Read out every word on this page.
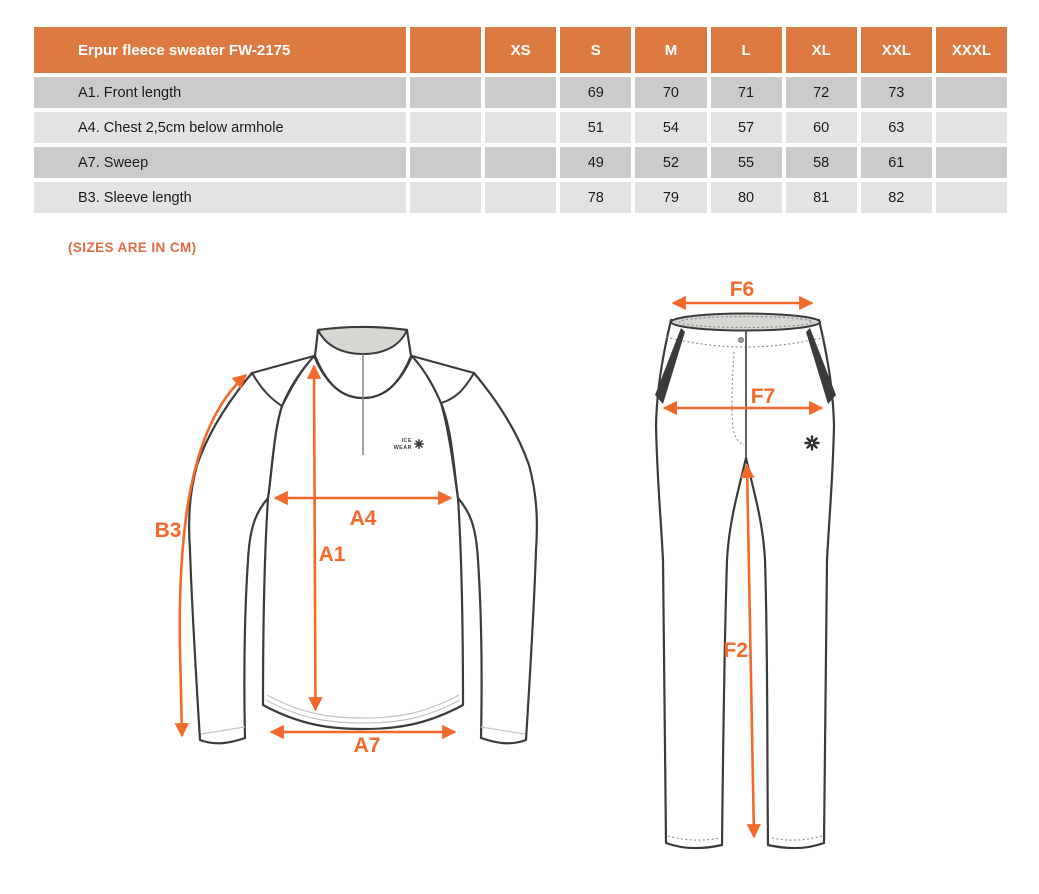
Erpur fleece sweater FW-2175		XS	S	M	L	XL	XXL	XXXL
A1. Front length			69	70	71	72	73	
A4. Chest 2,5cm below armhole			51	54	57	60	63	
A7. Sweep			49	52	55	58	61	
B3. Sleeve length			78	79	80	81	82	
(SIZES ARE IN CM)
ICE
WEAR
B3
A4
A1
A7
F6
F7
F2
